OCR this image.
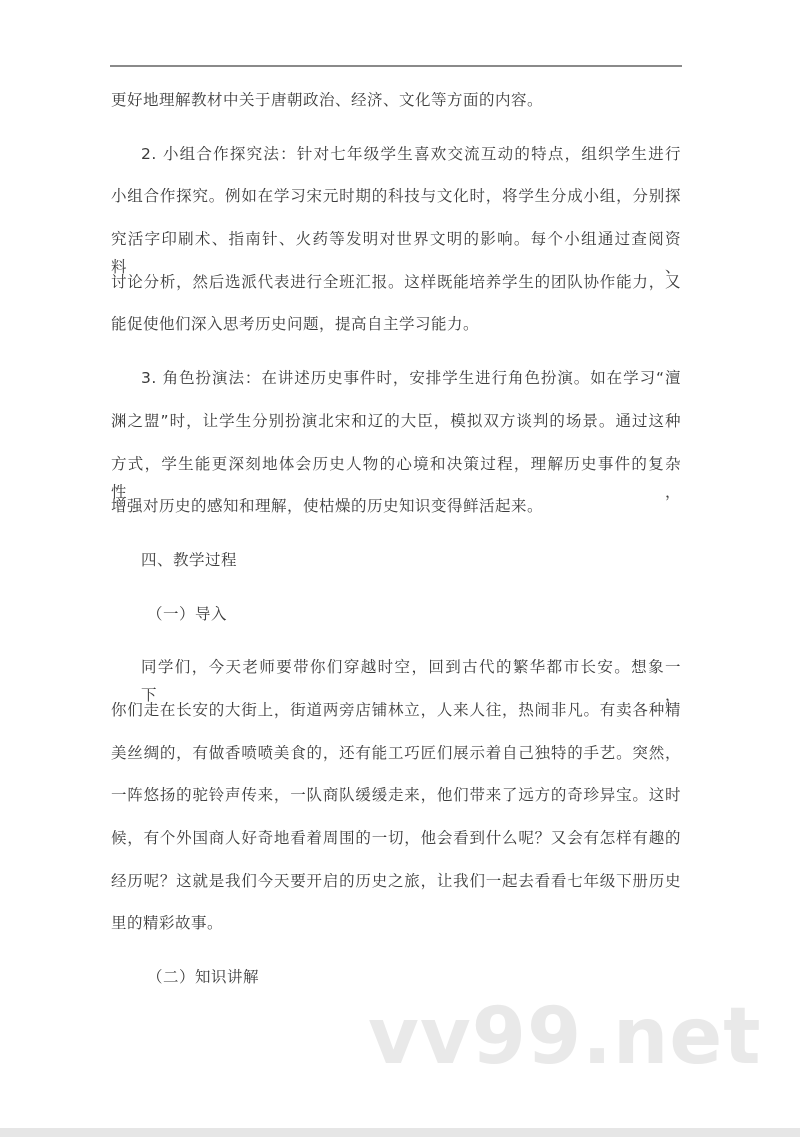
更好地理解教材中关于唐朝政治、经济、文化等方面的内容。
2. 小组合作探究法：针对七年级学生喜欢交流互动的特点，组织学生进行
小组合作探究。例如在学习宋元时期的科技与文化时，将学生分成小组，分别探
究活字印刷术、指南针、火药等发明对世界文明的影响。每个小组通过查阅资料、
讨论分析，然后选派代表进行全班汇报。这样既能培养学生的团队协作能力，又
能促使他们深入思考历史问题，提高自主学习能力。
3. 角色扮演法：在讲述历史事件时，安排学生进行角色扮演。如在学习“澶
渊之盟”时，让学生分别扮演北宋和辽的大臣，模拟双方谈判的场景。通过这种
方式，学生能更深刻地体会历史人物的心境和决策过程，理解历史事件的复杂性，
增强对历史的感知和理解，使枯燥的历史知识变得鲜活起来。
四、教学过程
（一）导入
同学们，今天老师要带你们穿越时空，回到古代的繁华都市长安。想象一下，
你们走在长安的大街上，街道两旁店铺林立，人来人往，热闹非凡。有卖各种精
美丝绸的，有做香喷喷美食的，还有能工巧匠们展示着自己独特的手艺。突然，
一阵悠扬的驼铃声传来，一队商队缓缓走来，他们带来了远方的奇珍异宝。这时
候，有个外国商人好奇地看着周围的一切，他会看到什么呢？又会有怎样有趣的
经历呢？这就是我们今天要开启的历史之旅，让我们一起去看看七年级下册历史
里的精彩故事。
（二）知识讲解
vv99.net
